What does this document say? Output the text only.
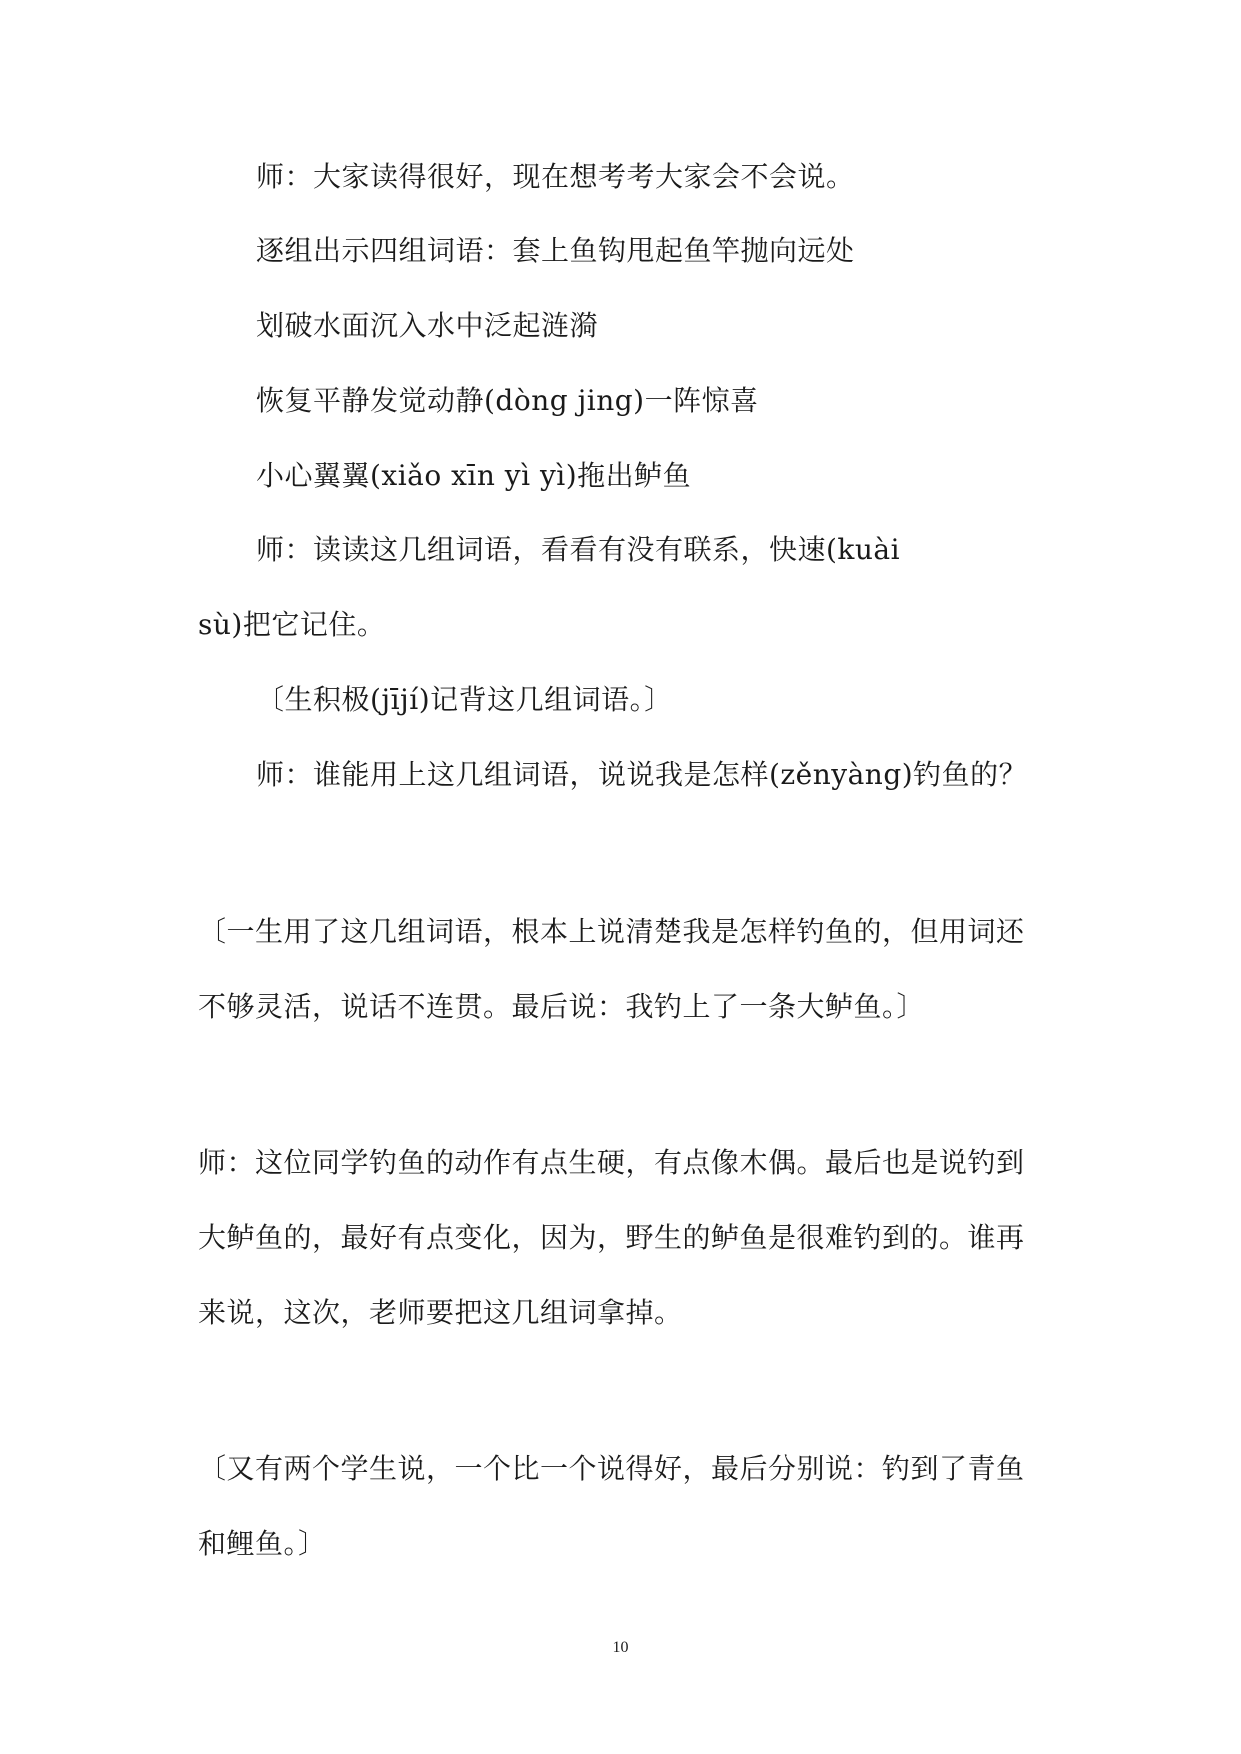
师：大家读得很好，现在想考考大家会不会说。
逐组出示四组词语：套上鱼钩甩起鱼竿抛向远处
划破水面沉入水中泛起涟漪
恢复平静发觉动静(dòng jing)一阵惊喜
小心翼翼(xiǎo xīn yì yì)拖出鲈鱼
师：读读这几组词语，看看有没有联系，快速(kuài
sù)把它记住。
〔生积极(jījí)记背这几组词语。〕
师：谁能用上这几组词语，说说我是怎样(zěnyàng)钓鱼的？
〔一生用了这几组词语，根本上说清楚我是怎样钓鱼的，但用词还
不够灵活，说话不连贯。最后说：我钓上了一条大鲈鱼。〕
师：这位同学钓鱼的动作有点生硬，有点像木偶。最后也是说钓到
大鲈鱼的，最好有点变化，因为，野生的鲈鱼是很难钓到的。谁再
来说，这次，老师要把这几组词拿掉。
〔又有两个学生说，一个比一个说得好，最后分别说：钓到了青鱼
和鲤鱼。〕
10
